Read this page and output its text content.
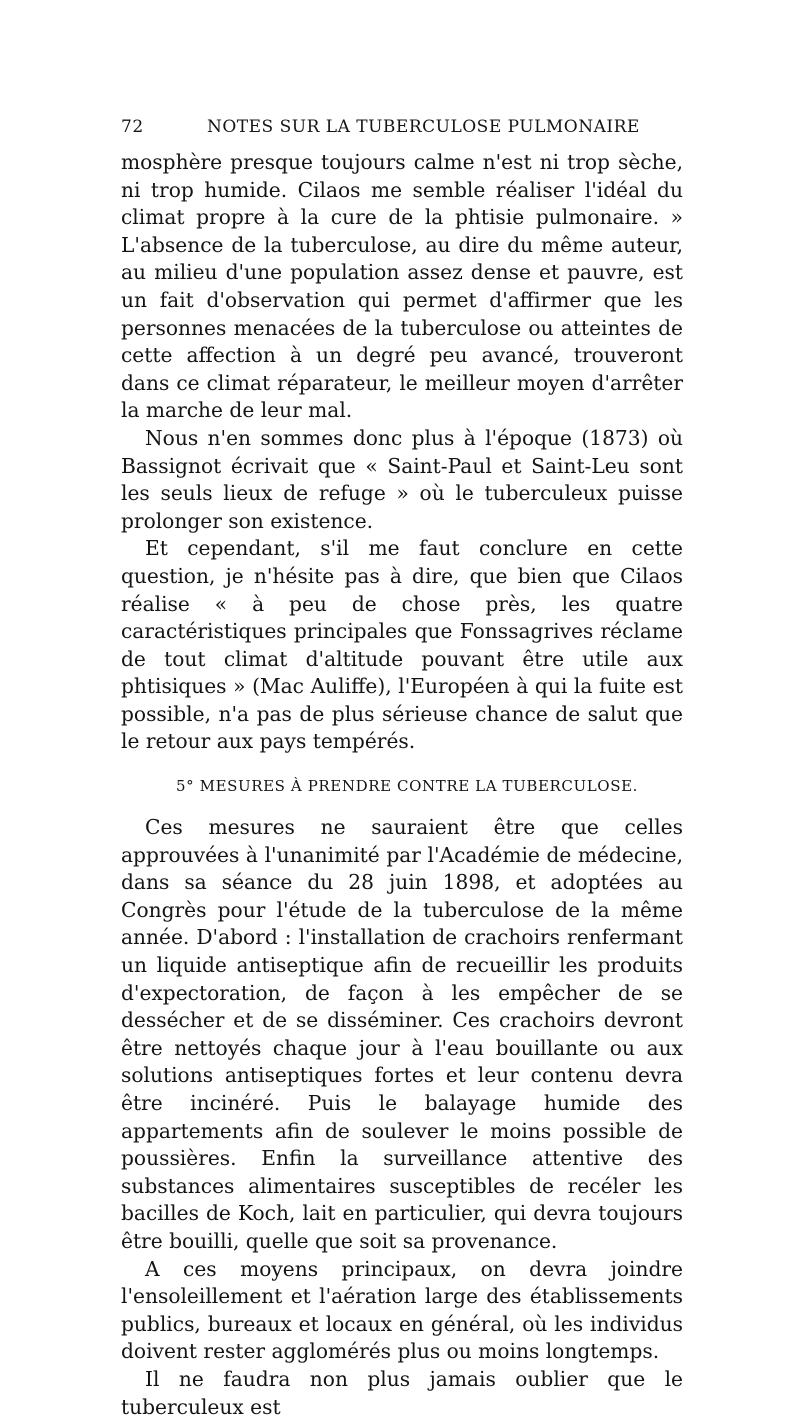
72	NOTES SUR LA TUBERCULOSE PULMONAIRE

mosphère presque toujours calme n'est ni trop sèche, ni trop humide. Cilaos me semble réaliser l'idéal du climat propre à la cure de la phtisie pulmonaire. » L'absence de la tuberculose, au dire du même auteur, au milieu d'une population assez dense et pauvre, est un fait d'observation qui permet d'affirmer que les personnes menacées de la tuberculose ou atteintes de cette affection à un degré peu avancé, trouveront dans ce climat réparateur, le meilleur moyen d'arrêter la marche de leur mal.

Nous n'en sommes donc plus à l'époque (1873) où Bassignot écrivait que « Saint-Paul et Saint-Leu sont les seuls lieux de refuge » où le tuberculeux puisse prolonger son existence.

Et cependant, s'il me faut conclure en cette question, je n'hésite pas à dire, que bien que Cilaos réalise « à peu de chose près, les quatre caractéristiques principales que Fonssagrives réclame de tout climat d'altitude pouvant être utile aux phtisiques » (Mac Auliffe), l'Européen à qui la fuite est possible, n'a pas de plus sérieuse chance de salut que le retour aux pays tempérés.

5° MESURES À PRENDRE CONTRE LA TUBERCULOSE.

Ces mesures ne sauraient être que celles approuvées à l'unanimité par l'Académie de médecine, dans sa séance du 28 juin 1898, et adoptées au Congrès pour l'étude de la tuberculose de la même année. D'abord : l'installation de crachoirs renfermant un liquide antiseptique afin de recueillir les produits d'expectoration, de façon à les empêcher de se dessécher et de se disséminer. Ces crachoirs devront être nettoyés chaque jour à l'eau bouillante ou aux solutions antiseptiques fortes et leur contenu devra être incinéré. Puis le balayage humide des appartements afin de soulever le moins possible de poussières. Enfin la surveillance attentive des substances alimentaires susceptibles de recéler les bacilles de Koch, lait en particulier, qui devra toujours être bouilli, quelle que soit sa provenance.

A ces moyens principaux, on devra joindre l'ensoleillement et l'aération large des établissements publics, bureaux et locaux en général, où les individus doivent rester agglomérés plus ou moins longtemps.

Il ne faudra non plus jamais oublier que le tuberculeux est
